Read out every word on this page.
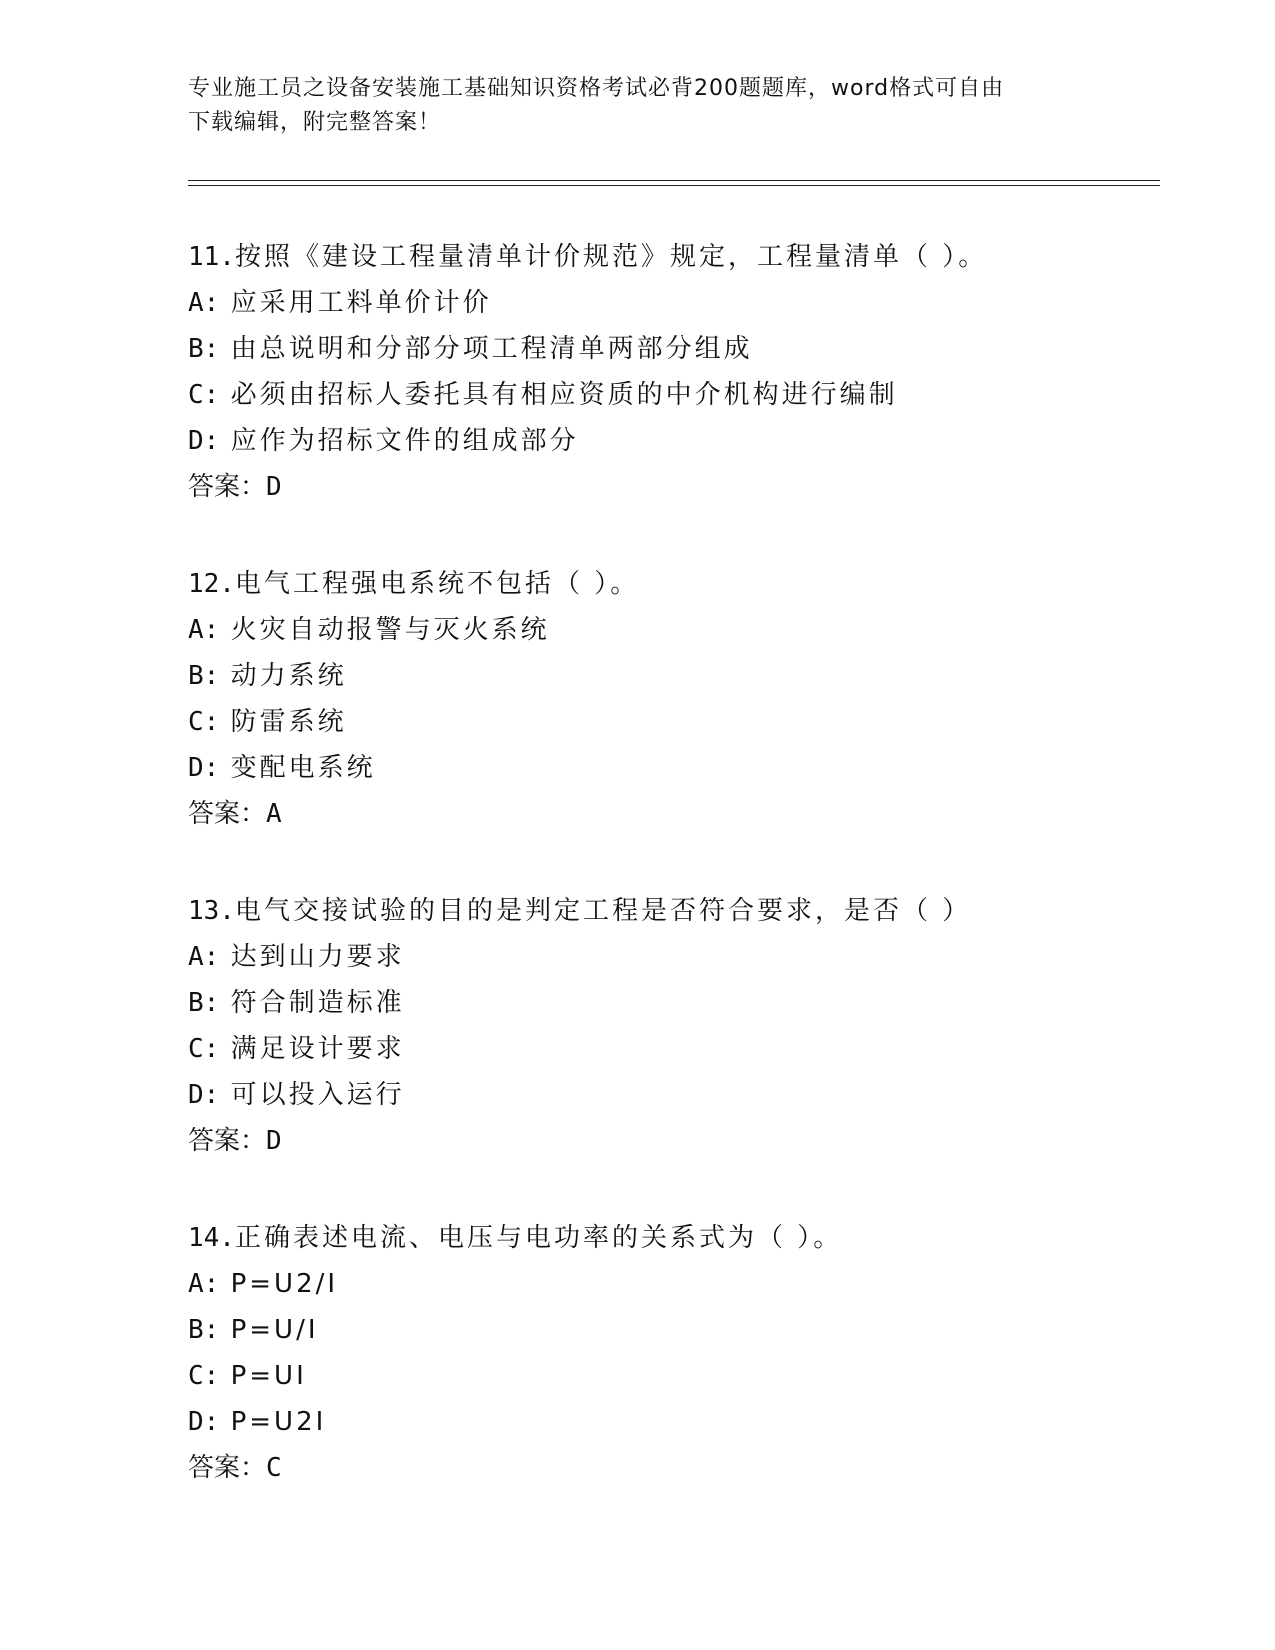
专业施工员之设备安装施工基础知识资格考试必背200题题库，word格式可自由
下载编辑，附完整答案！
11.按照《建设工程量清单计价规范》规定，工程量清单（ ）。
A: 应采用工料单价计价
B: 由总说明和分部分项工程清单两部分组成
C: 必须由招标人委托具有相应资质的中介机构进行编制
D: 应作为招标文件的组成部分
答案：D
12.电气工程强电系统不包括（ ）。
A: 火灾自动报警与灭火系统
B: 动力系统
C: 防雷系统
D: 变配电系统
答案：A
13.电气交接试验的目的是判定工程是否符合要求，是否（ ）
A: 达到山力要求
B: 符合制造标准
C: 满足设计要求
D: 可以投入运行
答案：D
14.正确表述电流、电压与电功率的关系式为（ ）。
A: P=U2/I
B: P=U/I
C: P=UI
D: P=U2I
答案：C
